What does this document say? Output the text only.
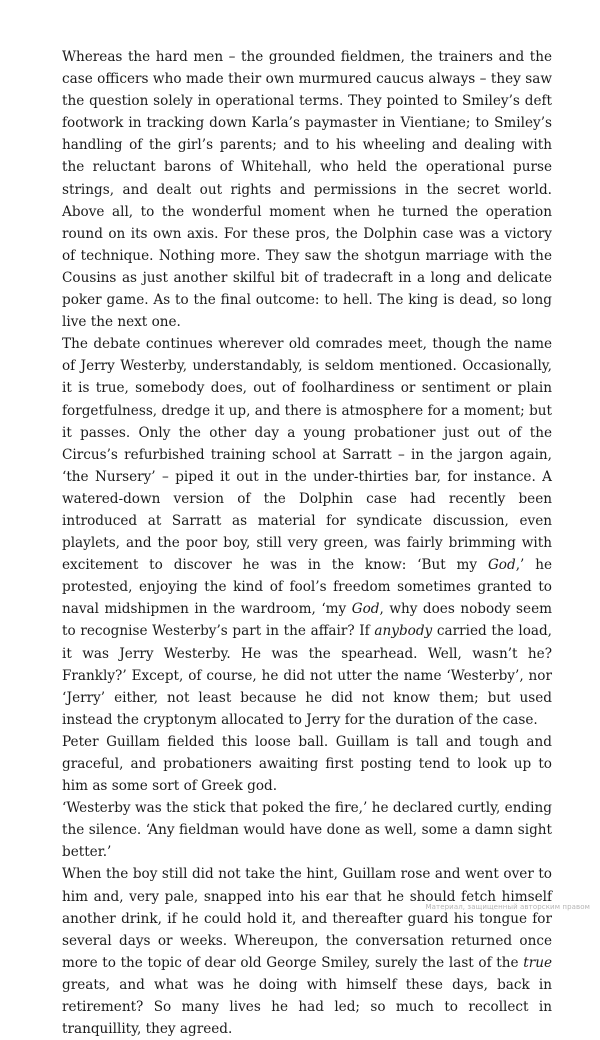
Whereas the hard men – the grounded fieldmen, the trainers and the case officers who made their own murmured caucus always – they saw the question solely in operational terms. They pointed to Smiley’s deft footwork in tracking down Karla’s paymaster in Vientiane; to Smiley’s handling of the girl’s parents; and to his wheeling and dealing with the reluctant barons of Whitehall, who held the operational purse strings, and dealt out rights and permissions in the secret world. Above all, to the wonderful moment when he turned the operation round on its own axis. For these pros, the Dolphin case was a victory of technique. Nothing more. They saw the shotgun marriage with the Cousins as just another skilful bit of tradecraft in a long and delicate poker game. As to the final outcome: to hell. The king is dead, so long live the next one.

The debate continues wherever old comrades meet, though the name of Jerry Westerby, understandably, is seldom mentioned. Occasionally, it is true, somebody does, out of foolhardiness or sentiment or plain forgetfulness, dredge it up, and there is atmosphere for a moment; but it passes. Only the other day a young probationer just out of the Circus’s refurbished training school at Sarratt – in the jargon again, ‘the Nursery’ – piped it out in the under-thirties bar, for instance. A watered-down version of the Dolphin case had recently been introduced at Sarratt as material for syndicate discussion, even playlets, and the poor boy, still very green, was fairly brimming with excitement to discover he was in the know: ‘But my God,’ he protested, enjoying the kind of fool’s freedom sometimes granted to naval midshipmen in the wardroom, ‘my God, why does nobody seem to recognise Westerby’s part in the affair? If anybody carried the load, it was Jerry Westerby. He was the spearhead. Well, wasn’t he? Frankly?’ Except, of course, he did not utter the name ‘Westerby’, nor ‘Jerry’ either, not least because he did not know them; but used instead the cryptonym allocated to Jerry for the duration of the case.

Peter Guillam fielded this loose ball. Guillam is tall and tough and graceful, and probationers awaiting first posting tend to look up to him as some sort of Greek god.

‘Westerby was the stick that poked the fire,’ he declared curtly, ending the silence. ‘Any fieldman would have done as well, some a damn sight better.’

When the boy still did not take the hint, Guillam rose and went over to him and, very pale, snapped into his ear that he should fetch himself another drink, if he could hold it, and thereafter guard his tongue for several days or weeks. Whereupon, the conversation returned once more to the topic of dear old George Smiley, surely the last of the true greats, and what was he doing with himself these days, back in retirement? So many lives he had led; so much to recollect in tranquillity, they agreed.

Материал, защищенный авторским правом
